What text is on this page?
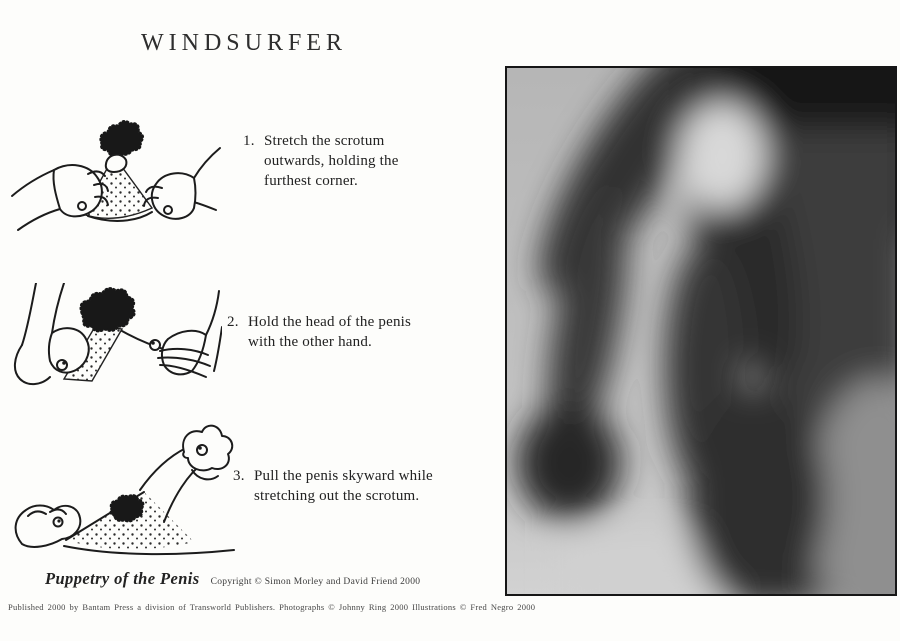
WINDSURFER
1. Stretch the scrotum
outwards, holding the
furthest corner.
2. Hold the head of the penis
with the other hand.
3. Pull the penis skyward while
stretching out the scrotum.
Puppetry of the Penis Copyright © Simon Morley and David Friend 2000
Published 2000 by Bantam Press a division of Transworld Publishers. Photographs © Johnny Ring 2000 Illustrations © Fred Negro 2000
